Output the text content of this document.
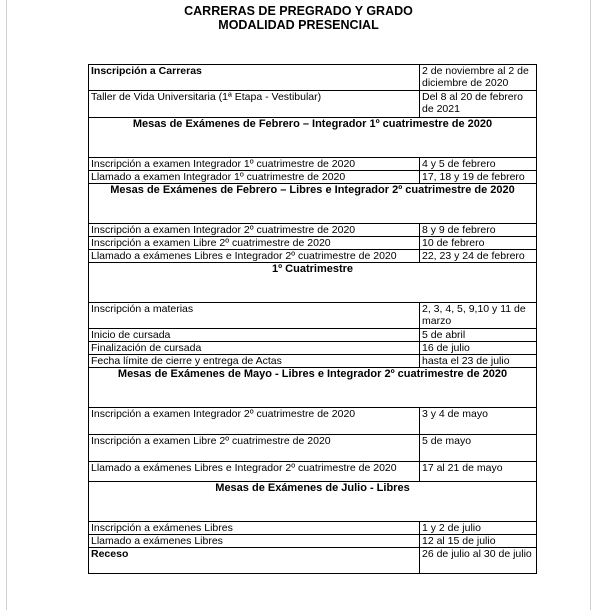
CARRERAS DE PREGRADO Y GRADO
MODALIDAD PRESENCIAL
Inscripción a Carreras	2 de noviembre al 2 de diciembre de 2020
Taller de Vida Universitaria (1ª Etapa - Vestibular)	Del 8 al 20 de febrero de 2021
Mesas de Exámenes de Febrero – Integrador 1º cuatrimestre de 2020	
Inscripción a examen Integrador 1º cuatrimestre de 2020	4 y 5 de febrero
Llamado a examen Integrador 1º cuatrimestre de 2020	17, 18 y 19 de febrero
Mesas de Exámenes de Febrero – Libres e Integrador 2º cuatrimestre de 2020	
Inscripción a examen Integrador 2º cuatrimestre de 2020	8 y 9 de febrero
Inscripción a examen Libre 2º cuatrimestre de 2020	10 de febrero
Llamado a exámenes Libres e Integrador 2º cuatrimestre de 2020	22, 23 y 24 de febrero
1º Cuatrimestre	
Inscripción a materias	2, 3, 4, 5, 9,10 y 11 de marzo
Inicio de cursada	5 de abril
Finalización de cursada	16 de julio
Fecha límite de cierre y entrega de Actas	hasta el 23 de julio
Mesas de Exámenes de Mayo - Libres e Integrador 2º cuatrimestre de 2020	
Inscripción a examen Integrador 2º cuatrimestre de 2020	3 y 4 de mayo
Inscripción a examen Libre 2º cuatrimestre de 2020	5 de mayo
Llamado a exámenes Libres e Integrador 2º cuatrimestre de 2020	17 al 21 de mayo
Mesas de Exámenes de Julio - Libres	
Inscripción a exámenes Libres	1 y 2 de julio
Llamado a exámenes Libres	12 al 15 de julio
Receso	26 de julio al 30 de julio
